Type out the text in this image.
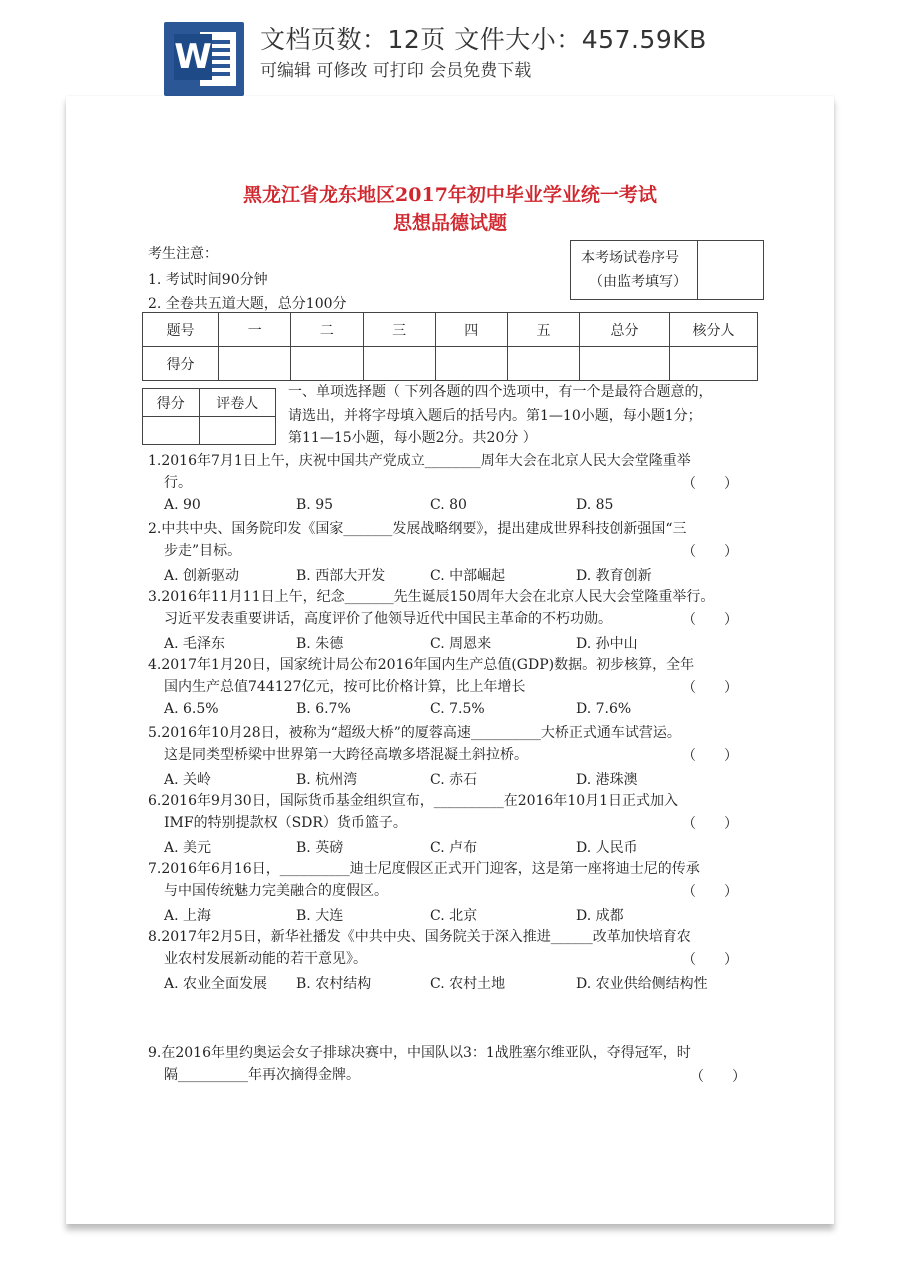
W 文档页数：12页 文件大小：457.59KB
可编辑 可修改 可打印 会员免费下载
黑龙江省龙东地区2017年初中毕业学业统一考试
思想品德试题
考生注意：
1. 考试时间90分钟
2. 全卷共五道大题，总分100分
本考场试卷序号
（由监考填写）
题号	一	二	三	四	五	总分	核分人
得分							
得分	评卷人

一、单项选择题（ 下列各题的四个选项中，有一个是最符合题意的，
请选出，并将字母填入题后的括号内。第1—10小题，每小题1分；
第11—15小题，每小题2分。共20分 ）
1.2016年7月1日上午，庆祝中国共产党成立________周年大会在北京人民大会堂隆重举
行。	（　　）
A. 90	B. 95	C. 80	D. 85
2.中共中央、国务院印发《国家_______发展战略纲要》，提出建成世界科技创新强国“三
步走”目标。	（　　）
A. 创新驱动	B. 西部大开发	C. 中部崛起	D. 教育创新
3.2016年11月11日上午，纪念_______先生诞辰150周年大会在北京人民大会堂隆重举行。
习近平发表重要讲话，高度评价了他领导近代中国民主革命的不朽功勋。	（　　）
A. 毛泽东	B. 朱德	C. 周恩来	D. 孙中山
4.2017年1月20日，国家统计局公布2016年国内生产总值(GDP)数据。初步核算，全年
国内生产总值744127亿元，按可比价格计算，比上年增长	（　　）
A. 6.5%	B. 6.7%	C. 7.5%	D. 7.6%
5.2016年10月28日，被称为“超级大桥”的厦蓉高速__________大桥正式通车试营运。
这是同类型桥梁中世界第一大跨径高墩多塔混凝土斜拉桥。	（　　）
A. 关岭	B. 杭州湾	C. 赤石	D. 港珠澳
6.2016年9月30日，国际货币基金组织宣布，__________在2016年10月1日正式加入
IMF的特别提款权（SDR）货币篮子。	（　　）
A. 美元	B. 英磅	C. 卢布	D. 人民币
7.2016年6月16日，__________迪士尼度假区正式开门迎客，这是第一座将迪士尼的传承
与中国传统魅力完美融合的度假区。	（　　）
A. 上海	B. 大连	C. 北京	D. 成都
8.2017年2月5日，新华社播发《中共中央、国务院关于深入推进______改革加快培育农
业农村发展新动能的若干意见》。	（　　）
A. 农业全面发展 B. 农村结构	C. 农村土地	D. 农业供给侧结构性
9.在2016年里约奥运会女子排球决赛中，中国队以3：1战胜塞尔维亚队，夺得冠军，时
隔__________年再次摘得金牌。	（　　）
